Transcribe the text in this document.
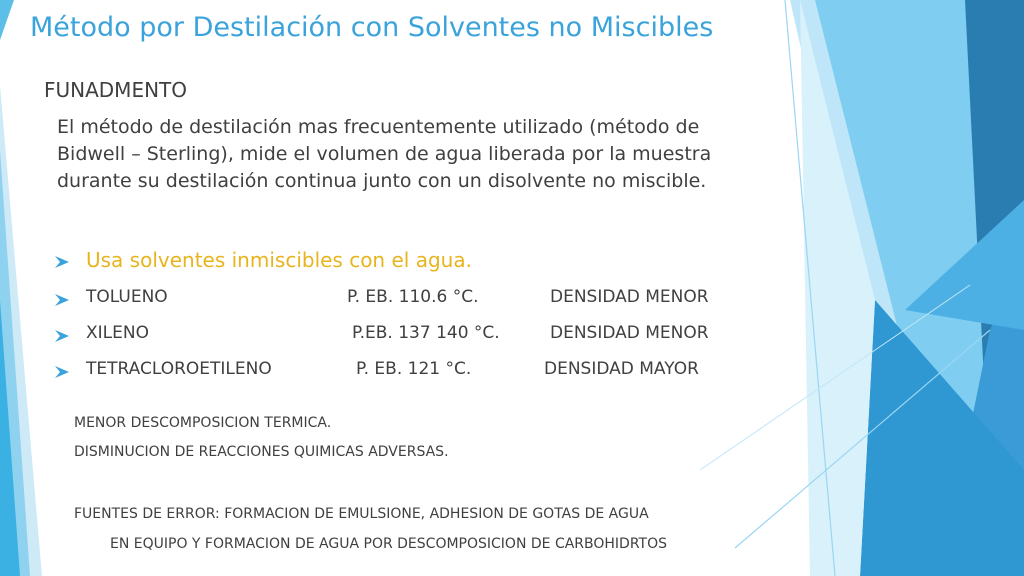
Método por Destilación con Solventes no Miscibles
FUNADMENTO
El método de destilación mas frecuentemente utilizado (método de Bidwell – Sterling), mide el volumen de agua liberada por la muestra durante su destilación continua junto con un disolvente no miscible.
Usa solventes inmiscibles con el agua.
TOLUENO	P. EB. 110.6 °C.	DENSIDAD MENOR
XILENO	P.EB. 137 140 °C.	DENSIDAD MENOR
TETRACLOROETILENO	P. EB. 121 °C.	DENSIDAD MAYOR
MENOR DESCOMPOSICION TERMICA.
DISMINUCION DE REACCIONES QUIMICAS ADVERSAS.
FUENTES DE ERROR: FORMACION DE EMULSIONE, ADHESION DE GOTAS DE AGUA
EN EQUIPO Y FORMACION DE AGUA POR DESCOMPOSICION DE CARBOHIDRTOS
